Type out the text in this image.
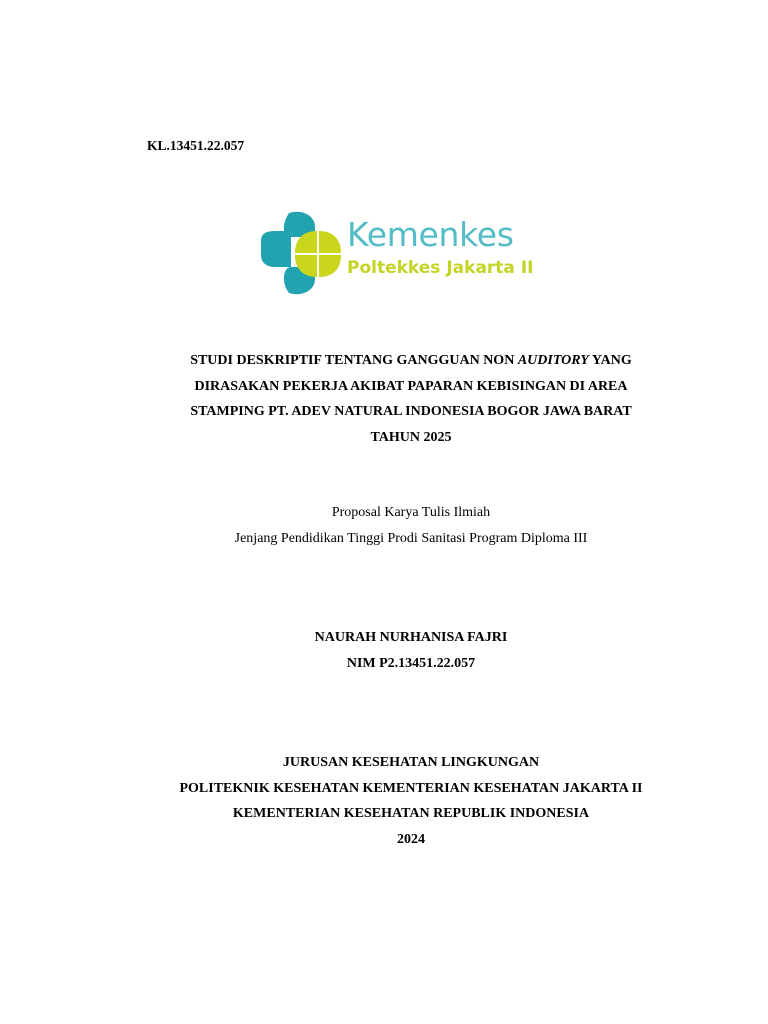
KL.13451.22.057
Kemenkes
Poltekkes Jakarta II
STUDI DESKRIPTIF TENTANG GANGGUAN NON AUDITORY YANG
DIRASAKAN PEKERJA AKIBAT PAPARAN KEBISINGAN DI AREA
STAMPING PT. ADEV NATURAL INDONESIA BOGOR JAWA BARAT
TAHUN 2025
Proposal Karya Tulis Ilmiah
Jenjang Pendidikan Tinggi Prodi Sanitasi Program Diploma III
NAURAH NURHANISA FAJRI
NIM P2.13451.22.057
JURUSAN KESEHATAN LINGKUNGAN
POLITEKNIK KESEHATAN KEMENTERIAN KESEHATAN JAKARTA II
KEMENTERIAN KESEHATAN REPUBLIK INDONESIA
2024
